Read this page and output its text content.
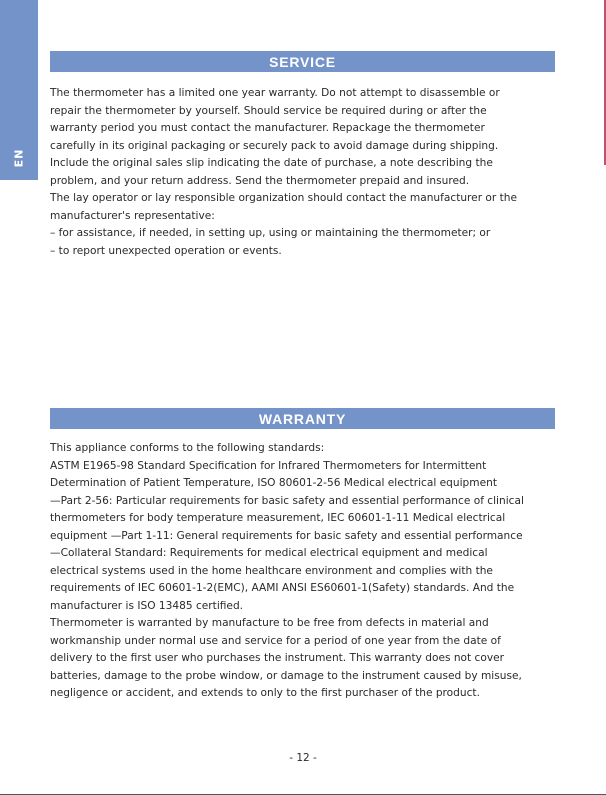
EN
SERVICE
The thermometer has a limited one year warranty. Do not attempt to disassemble or
repair the thermometer by yourself. Should service be required during or after the
warranty period you must contact the manufacturer. Repackage the thermometer
carefully in its original packaging or securely pack to avoid damage during shipping.
Include the original sales slip indicating the date of purchase, a note describing the
problem, and your return address. Send the thermometer prepaid and insured.
The lay operator or lay responsible organization should contact the manufacturer or the
manufacturer's representative:
– for assistance, if needed, in setting up, using or maintaining the thermometer; or
– to report unexpected operation or events.
WARRANTY
This appliance conforms to the following standards:
ASTM E1965-98 Standard Specification for Infrared Thermometers for Intermittent
Determination of Patient Temperature, ISO 80601-2-56 Medical electrical equipment
—Part 2-56: Particular requirements for basic safety and essential performance of clinical
thermometers for body temperature measurement, IEC 60601-1-11 Medical electrical
equipment —Part 1-11: General requirements for basic safety and essential performance
—Collateral Standard: Requirements for medical electrical equipment and medical
electrical systems used in the home healthcare environment and complies with the
requirements of IEC 60601-1-2(EMC), AAMI ANSI ES60601-1(Safety) standards. And the
manufacturer is ISO 13485 certified.
Thermometer is warranted by manufacture to be free from defects in material and
workmanship under normal use and service for a period of one year from the date of
delivery to the first user who purchases the instrument. This warranty does not cover
batteries, damage to the probe window, or damage to the instrument caused by misuse,
negligence or accident, and extends to only to the first purchaser of the product.
- 12 -
